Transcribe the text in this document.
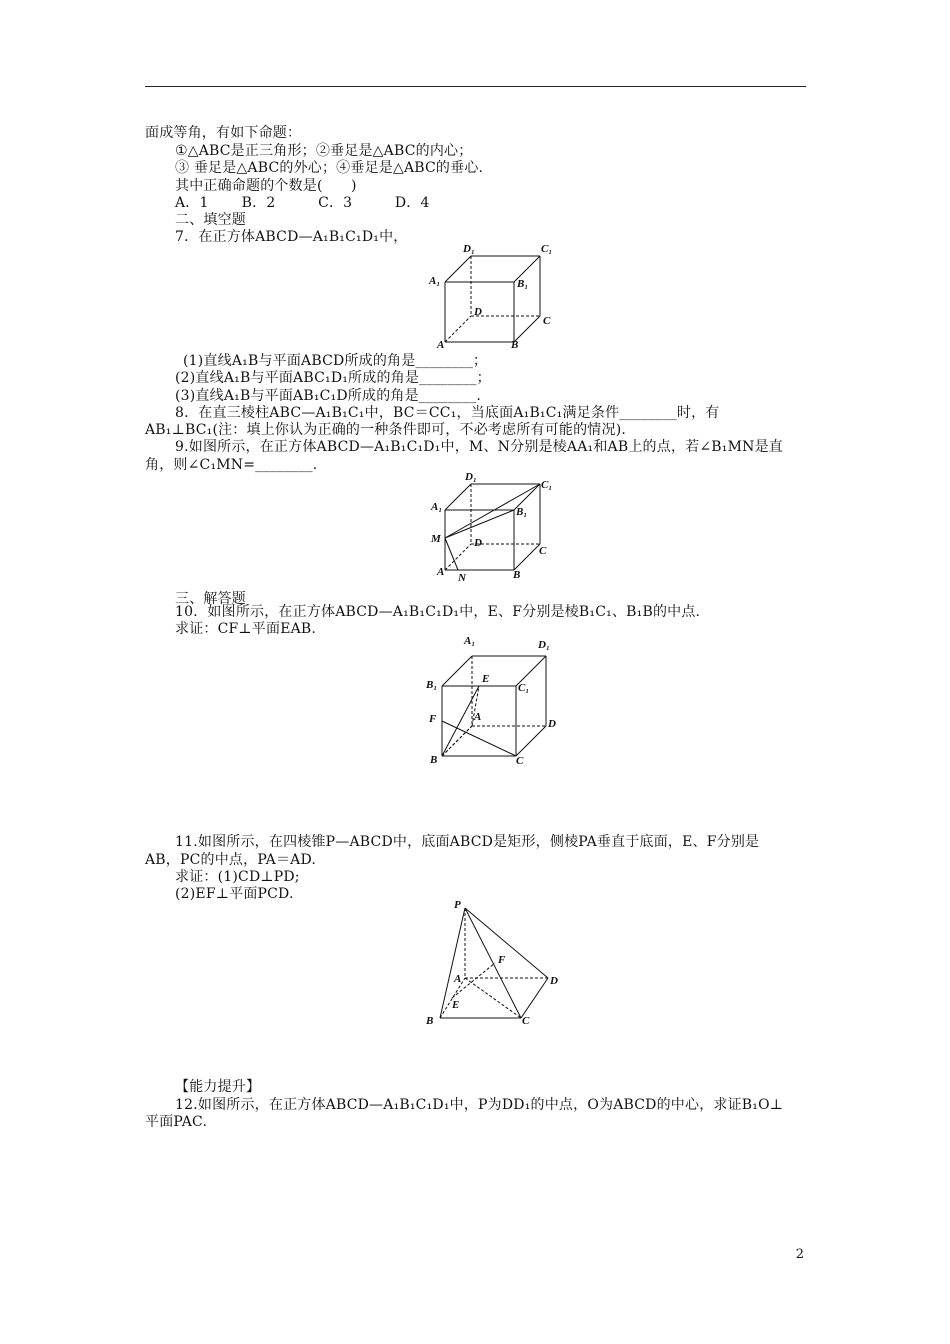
面成等角，有如下命题：
①△ABC是正三角形；②垂足是△ABC的内心；
③ 垂足是△ABC的外心；④垂足是△ABC的垂心.
其中正确命题的个数是(　　)
A．1　　 B．2　　　C．3　　　D．4
二、填空题
7．在正方体ABCD—A₁B₁C₁D₁中，
D₁	C₁
A₁	B₁
D
C
A	B
(1)直线A₁B与平面ABCD所成的角是________；
(2)直线A₁B与平面ABC₁D₁所成的角是________；
(3)直线A₁B与平面AB₁C₁D所成的角是________.
8．在直三棱柱ABC—A₁B₁C₁中，BC＝CC₁，当底面A₁B₁C₁满足条件________时，有
AB₁⊥BC₁(注：填上你认为正确的一种条件即可，不必考虑所有可能的情况).
9.如图所示，在正方体ABCD—A₁B₁C₁D₁中，M、N分别是棱AA₁和AB上的点，若∠B₁MN是直
角，则∠C₁MN=________.
D₁
C₁
A₁	B₁
M	D
C
A N	B
三、解答题
10．如图所示，在正方体ABCD—A₁B₁C₁D₁中，E、F分别是棱B₁C₁、B₁B的中点.
求证：CF⊥平面EAB.
A₁	D₁
B₁	E
C₁
F	A
D
B	C
11.如图所示，在四棱锥P—ABCD中，底面ABCD是矩形，侧棱PA垂直于底面，E、F分别是
AB，PC的中点，PA＝AD.
求证：(1)CD⊥PD;
(2)EF⊥平面PCD.
P
F
A	D
E
B	C
【能力提升】
12.如图所示，在正方体ABCD—A₁B₁C₁D₁中，P为DD₁的中点，O为ABCD的中心，求证B₁O⊥
平面PAC.
2
